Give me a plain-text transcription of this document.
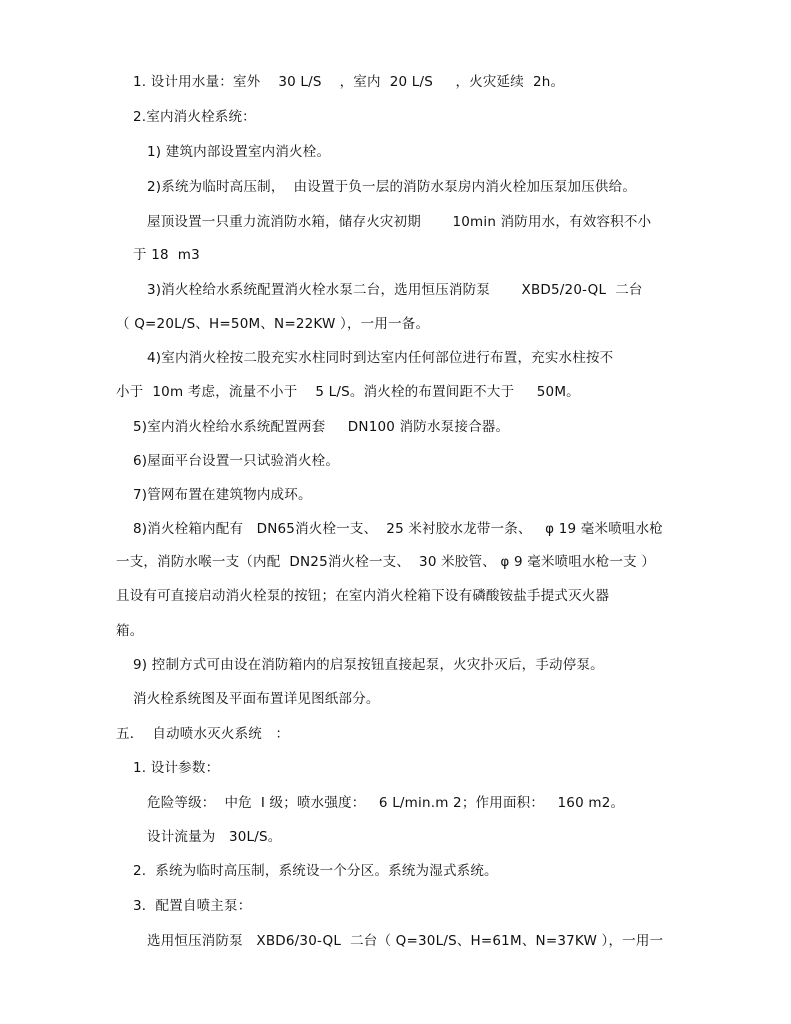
1. 设计用水量：室外    30 L/S    ，室内  20 L/S     ，火灾延续  2h。
2.室内消火栓系统：
1) 建筑内部设置室内消火栓。
2)系统为临时高压制，  由设置于负一层的消防水泵房内消火栓加压泵加压供给。
屋顶设置一只重力流消防水箱，储存火灾初期       10min 消防用水，有效容积不小
于 18  m3
3)消火栓给水系统配置消火栓水泵二台，选用恒压消防泵       XBD5/20-QL  二台
（ Q=20L/S、H=50M、N=22KW ），一用一备。
4)室内消火栓按二股充实水柱同时到达室内任何部位进行布置，充实水柱按不
小于  10m 考虑，流量不小于    5 L/S。消火栓的布置间距不大于     50M。
5)室内消火栓给水系统配置两套     DN100 消防水泵接合器。
6)屋面平台设置一只试验消火栓。
7)管网布置在建筑物内成环。
8)消火栓箱内配有   DN65消火栓一支、  25 米衬胶水龙带一条、   φ 19 毫米喷咀水枪
一支，消防水喉一支（内配  DN25消火栓一支、  30 米胶管、 φ 9 毫米喷咀水枪一支 ）
且设有可直接启动消火栓泵的按钮；在室内消火栓箱下设有磷酸铵盐手提式灭火器
箱。
9) 控制方式可由设在消防箱内的启泵按钮直接起泵，火灾扑灭后，手动停泵。
消火栓系统图及平面布置详见图纸部分。
五．  自动喷水灭火系统   ：
1. 设计参数：
危险等级：  中危  Ⅰ 级；喷水强度：   6 L/min.m 2；作用面积：   160 m2。
设计流量为   30L/S。
2.  系统为临时高压制，系统设一个分区。系统为湿式系统。
3．配置自喷主泵：
选用恒压消防泵   XBD6/30-QL  二台（ Q=30L/S、H=61M、N=37KW ），一用一
